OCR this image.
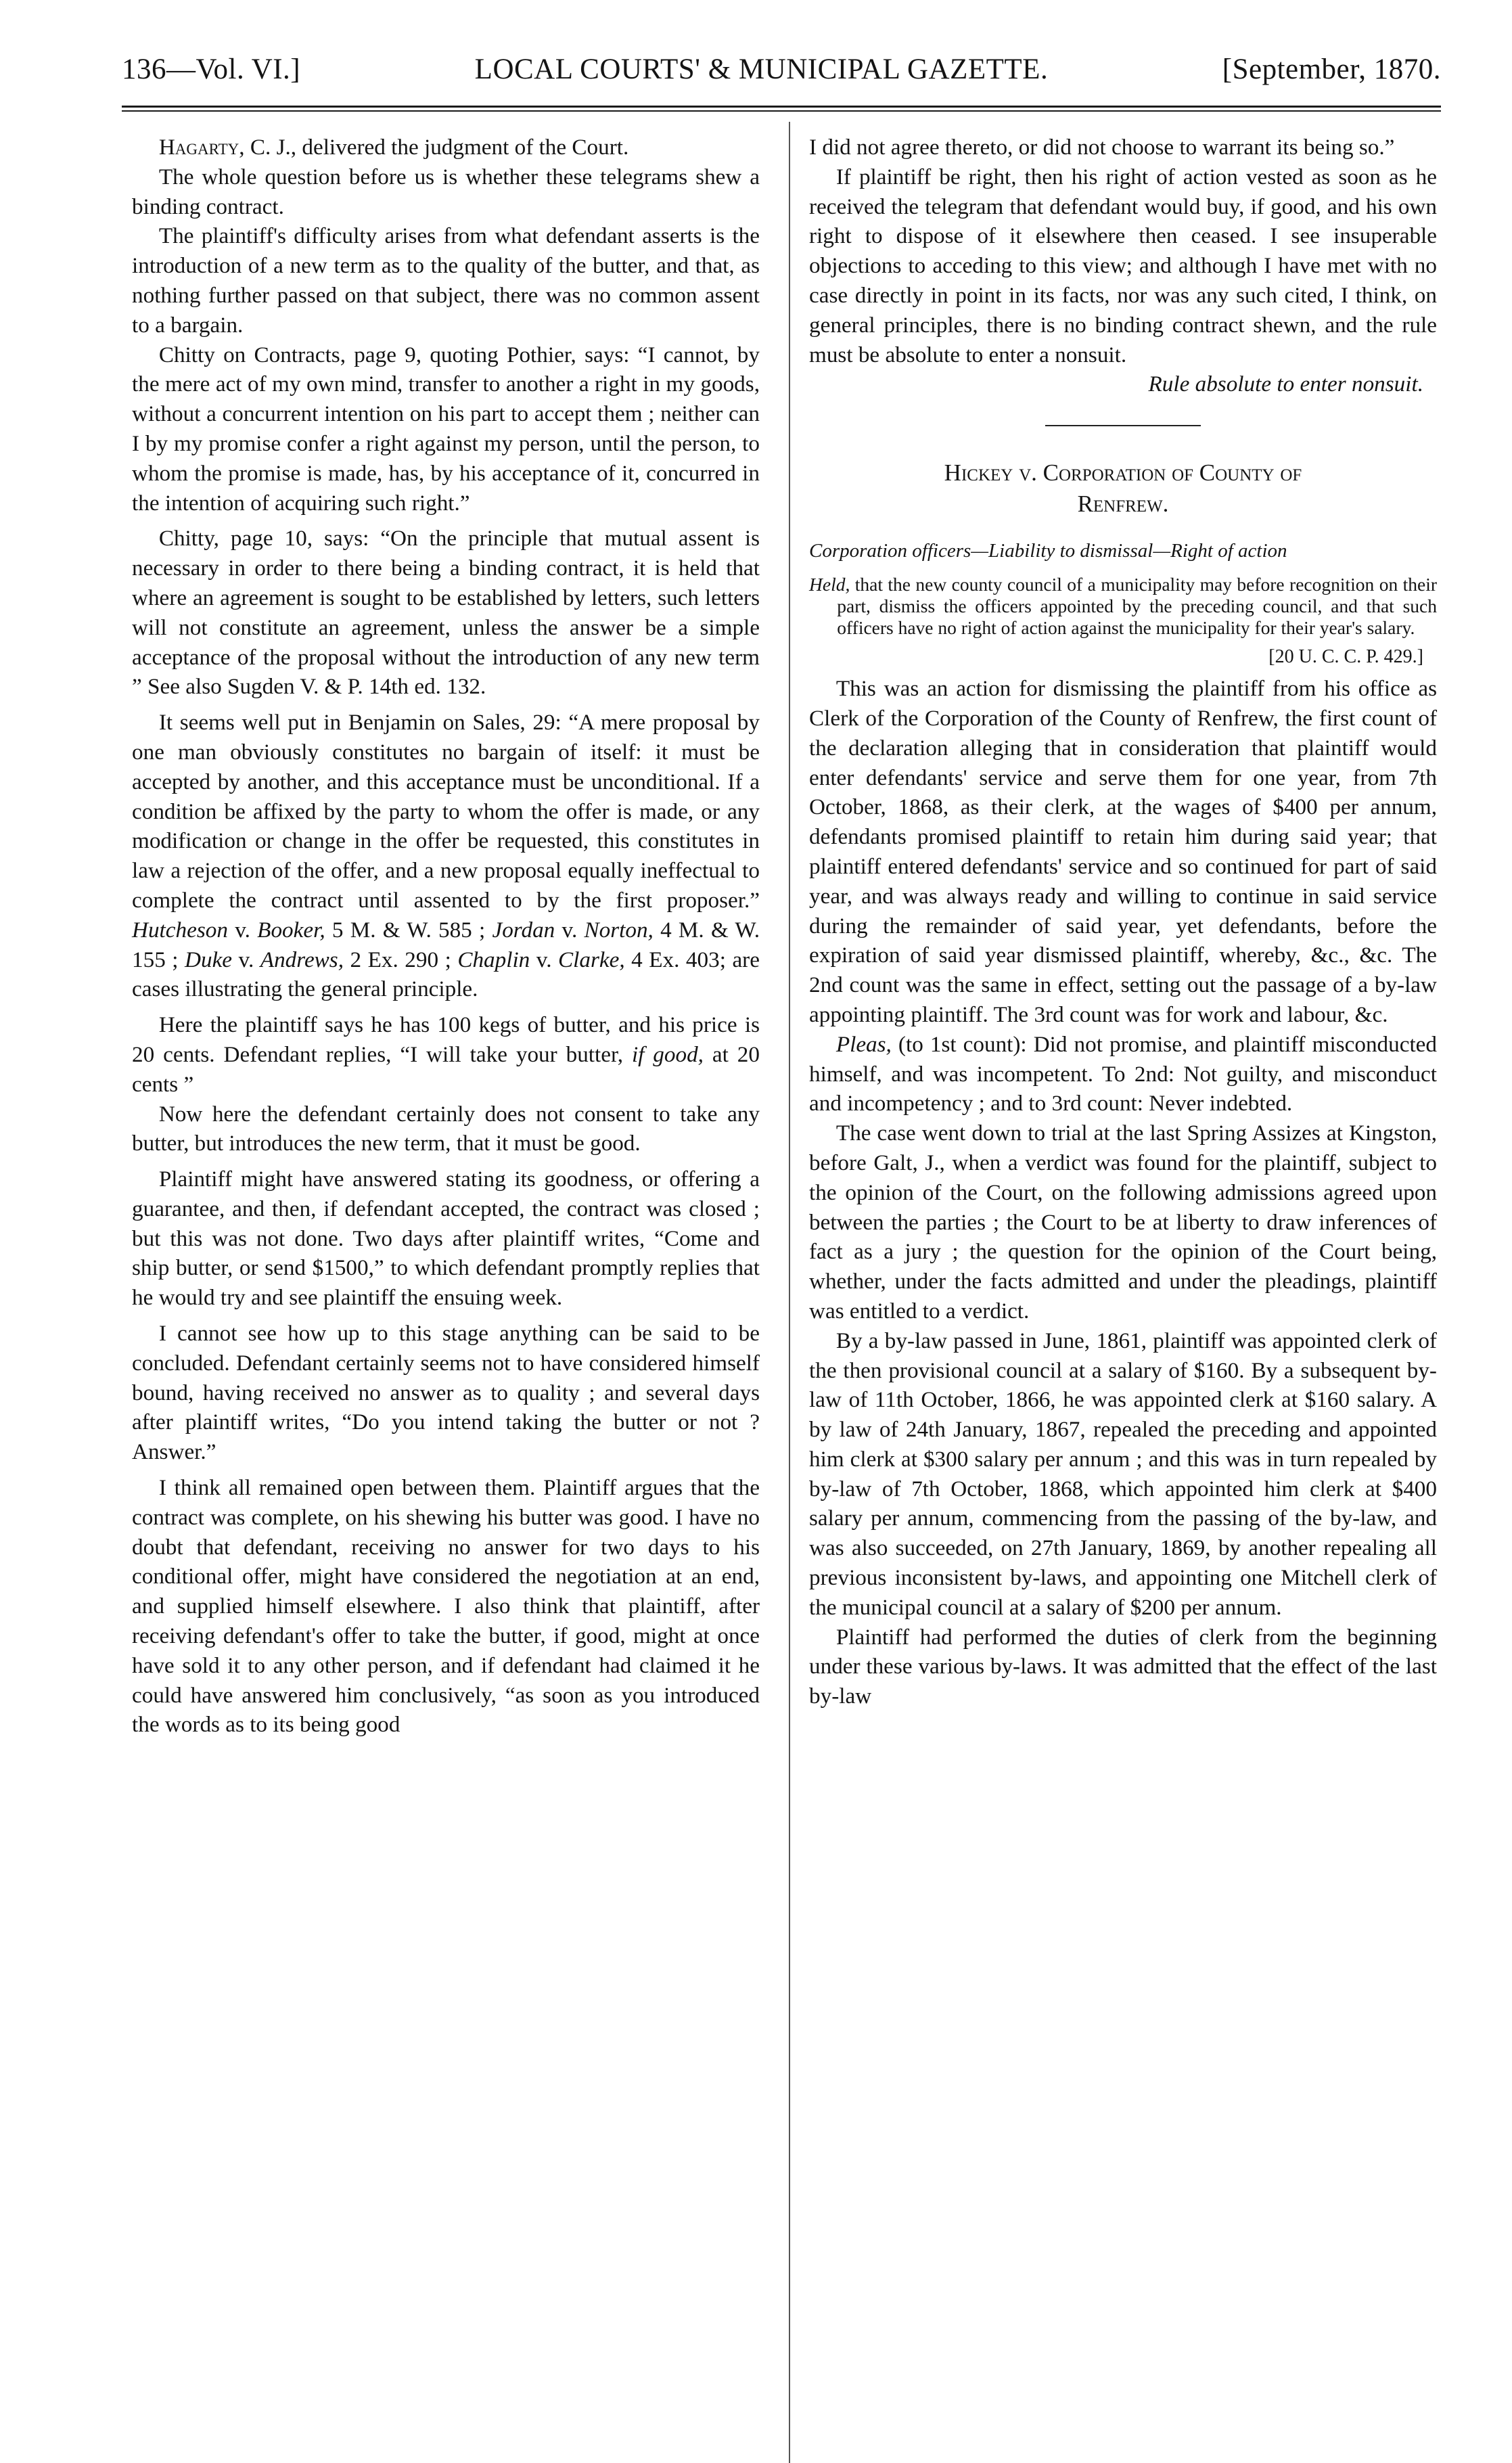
136—Vol. VI.]	LOCAL COURTS' & MUNICIPAL GAZETTE.	[September, 1870.

Hagarty, C. J., delivered the judgment of the Court.

The whole question before us is whether these telegrams shew a binding contract.

The plaintiff's difficulty arises from what defendant asserts is the introduction of a new term as to the quality of the butter, and that, as nothing further passed on that subject, there was no common assent to a bargain.

Chitty on Contracts, page 9, quoting Pothier, says: “I cannot, by the mere act of my own mind, transfer to another a right in my goods, without a concurrent intention on his part to accept them ; neither can I by my promise confer a right against my person, until the person, to whom the promise is made, has, by his acceptance of it, concurred in the intention of acquiring such right.”

Chitty, page 10, says: “On the principle that mutual assent is necessary in order to there being a binding contract, it is held that where an agreement is sought to be established by letters, such letters will not constitute an agreement, unless the answer be a simple acceptance of the proposal without the introduction of any new term ” See also Sugden V. & P. 14th ed. 132.

It seems well put in Benjamin on Sales, 29: “A mere proposal by one man obviously constitutes no bargain of itself: it must be accepted by another, and this acceptance must be unconditional. If a condition be affixed by the party to whom the offer is made, or any modification or change in the offer be requested, this constitutes in law a rejection of the offer, and a new proposal equally ineffectual to complete the contract until assented to by the first proposer.” Hutcheson v. Booker, 5 M. & W. 585 ; Jordan v. Norton, 4 M. & W. 155 ; Duke v. Andrews, 2 Ex. 290 ; Chaplin v. Clarke, 4 Ex. 403; are cases illustrating the general principle.

Here the plaintiff says he has 100 kegs of butter, and his price is 20 cents. Defendant replies, “I will take your butter, if good, at 20 cents ”

Now here the defendant certainly does not consent to take any butter, but introduces the new term, that it must be good.

Plaintiff might have answered stating its goodness, or offering a guarantee, and then, if defendant accepted, the contract was closed ; but this was not done. Two days after plaintiff writes, “Come and ship butter, or send $1500,” to which defendant promptly replies that he would try and see plaintiff the ensuing week.

I cannot see how up to this stage anything can be said to be concluded. Defendant certainly seems not to have considered himself bound, having received no answer as to quality ; and several days after plaintiff writes, “Do you intend taking the butter or not ? Answer.”

I think all remained open between them. Plaintiff argues that the contract was complete, on his shewing his butter was good. I have no doubt that defendant, receiving no answer for two days to his conditional offer, might have considered the negotiation at an end, and supplied himself elsewhere. I also think that plaintiff, after receiving defendant's offer to take the butter, if good, might at once have sold it to any other person, and if defendant had claimed it he could have answered him conclusively, “as soon as you introduced the words as to its being good

I did not agree thereto, or did not choose to warrant its being so.”

If plaintiff be right, then his right of action vested as soon as he received the telegram that defendant would buy, if good, and his own right to dispose of it elsewhere then ceased. I see insuperable objections to acceding to this view; and although I have met with no case directly in point in its facts, nor was any such cited, I think, on general principles, there is no binding contract shewn, and the rule must be absolute to enter a nonsuit.

Rule absolute to enter nonsuit.

Hickey v. Corporation of County of
Renfrew.

Corporation officers—Liability to dismissal—Right of action

Held, that the new county council of a municipality may before recognition on their part, dismiss the officers appointed by the preceding council, and that such officers have no right of action against the municipality for their year's salary.

[20 U. C. C. P. 429.]

This was an action for dismissing the plaintiff from his office as Clerk of the Corporation of the County of Renfrew, the first count of the declaration alleging that in consideration that plaintiff would enter defendants' service and serve them for one year, from 7th October, 1868, as their clerk, at the wages of $400 per annum, defendants promised plaintiff to retain him during said year; that plaintiff entered defendants' service and so continued for part of said year, and was always ready and willing to continue in said service during the remainder of said year, yet defendants, before the expiration of said year dismissed plaintiff, whereby, &c., &c. The 2nd count was the same in effect, setting out the passage of a by-law appointing plaintiff. The 3rd count was for work and labour, &c.

Pleas, (to 1st count): Did not promise, and plaintiff misconducted himself, and was incompetent. To 2nd: Not guilty, and misconduct and incompetency ; and to 3rd count: Never indebted.

The case went down to trial at the last Spring Assizes at Kingston, before Galt, J., when a verdict was found for the plaintiff, subject to the opinion of the Court, on the following admissions agreed upon between the parties ; the Court to be at liberty to draw inferences of fact as a jury ; the question for the opinion of the Court being, whether, under the facts admitted and under the pleadings, plaintiff was entitled to a verdict.

By a by-law passed in June, 1861, plaintiff was appointed clerk of the then provisional council at a salary of $160. By a subsequent by-law of 11th October, 1866, he was appointed clerk at $160 salary. A by law of 24th January, 1867, repealed the preceding and appointed him clerk at $300 salary per annum ; and this was in turn repealed by by-law of 7th October, 1868, which appointed him clerk at $400 salary per annum, commencing from the passing of the by-law, and was also succeeded, on 27th January, 1869, by another repealing all previous inconsistent by-laws, and appointing one Mitchell clerk of the municipal council at a salary of $200 per annum.

Plaintiff had performed the duties of clerk from the beginning under these various by-laws. It was admitted that the effect of the last by-law
